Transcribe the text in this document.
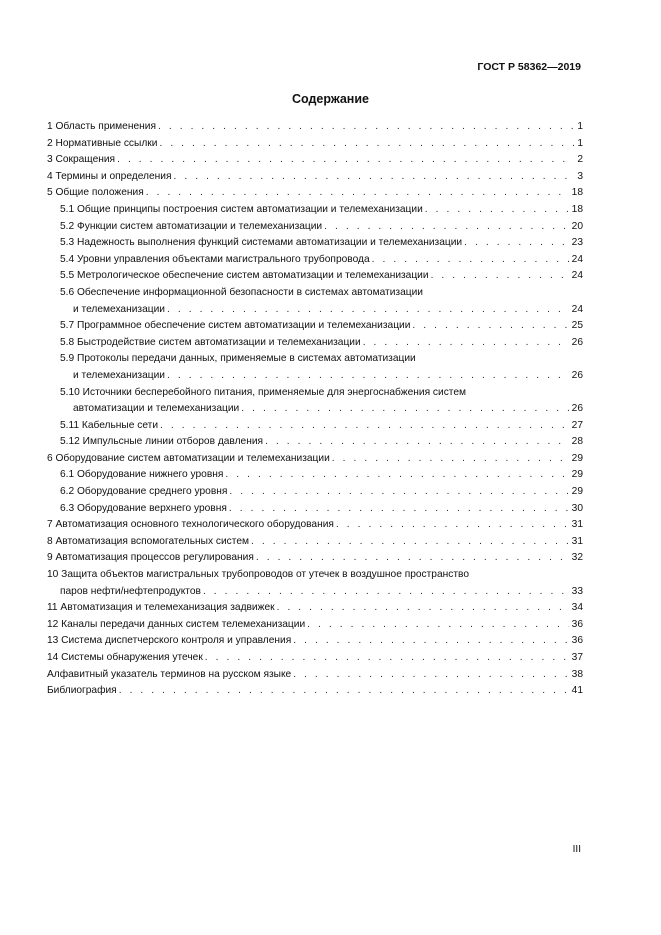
ГОСТ Р 58362—2019
Содержание
1 Область применения . . .	1
2 Нормативные ссылки . . .	1
3 Сокращения . . .	2
4 Термины и определения . . .	3
5 Общие положения . . .	18
5.1 Общие принципы построения систем автоматизации и телемеханизации . . .	18
5.2 Функции систем автоматизации и телемеханизации . . .	20
5.3 Надежность выполнения функций системами автоматизации и телемеханизации . . .	23
5.4 Уровни управления объектами магистрального трубопровода . . .	24
5.5 Метрологическое обеспечение систем автоматизации и телемеханизации . . .	24
5.6 Обеспечение информационной безопасности в системах автоматизации
и телемеханизации . . .	24
5.7 Программное обеспечение систем автоматизации и телемеханизации . . .	25
5.8 Быстродействие систем автоматизации и телемеханизации . . .	26
5.9 Протоколы передачи данных, применяемые в системах автоматизации
и телемеханизации . . .	26
5.10 Источники бесперебойного питания, применяемые для энергоснабжения систем
автоматизации и телемеханизации . . .	26
5.11 Кабельные сети . . .	27
5.12 Импульсные линии отборов давления . . .	28
6 Оборудование систем автоматизации и телемеханизации . . .	29
6.1 Оборудование нижнего уровня . . .	29
6.2 Оборудование среднего уровня . . .	29
6.3 Оборудование верхнего уровня . . .	30
7 Автоматизация основного технологического оборудования . . .	31
8 Автоматизация вспомогательных систем . . .	31
9 Автоматизация процессов регулирования . . .	32
10 Защита объектов магистральных трубопроводов от утечек в воздушное пространство
паров нефти/нефтепродуктов . . .	33
11 Автоматизация и телемеханизация задвижек . . .	34
12 Каналы передачи данных систем телемеханизации . . .	36
13 Система диспетчерского контроля и управления . . .	36
14 Системы обнаружения утечек . . .	37
Алфавитный указатель терминов на русском языке . . .	38
Библиография . . .	41
III
